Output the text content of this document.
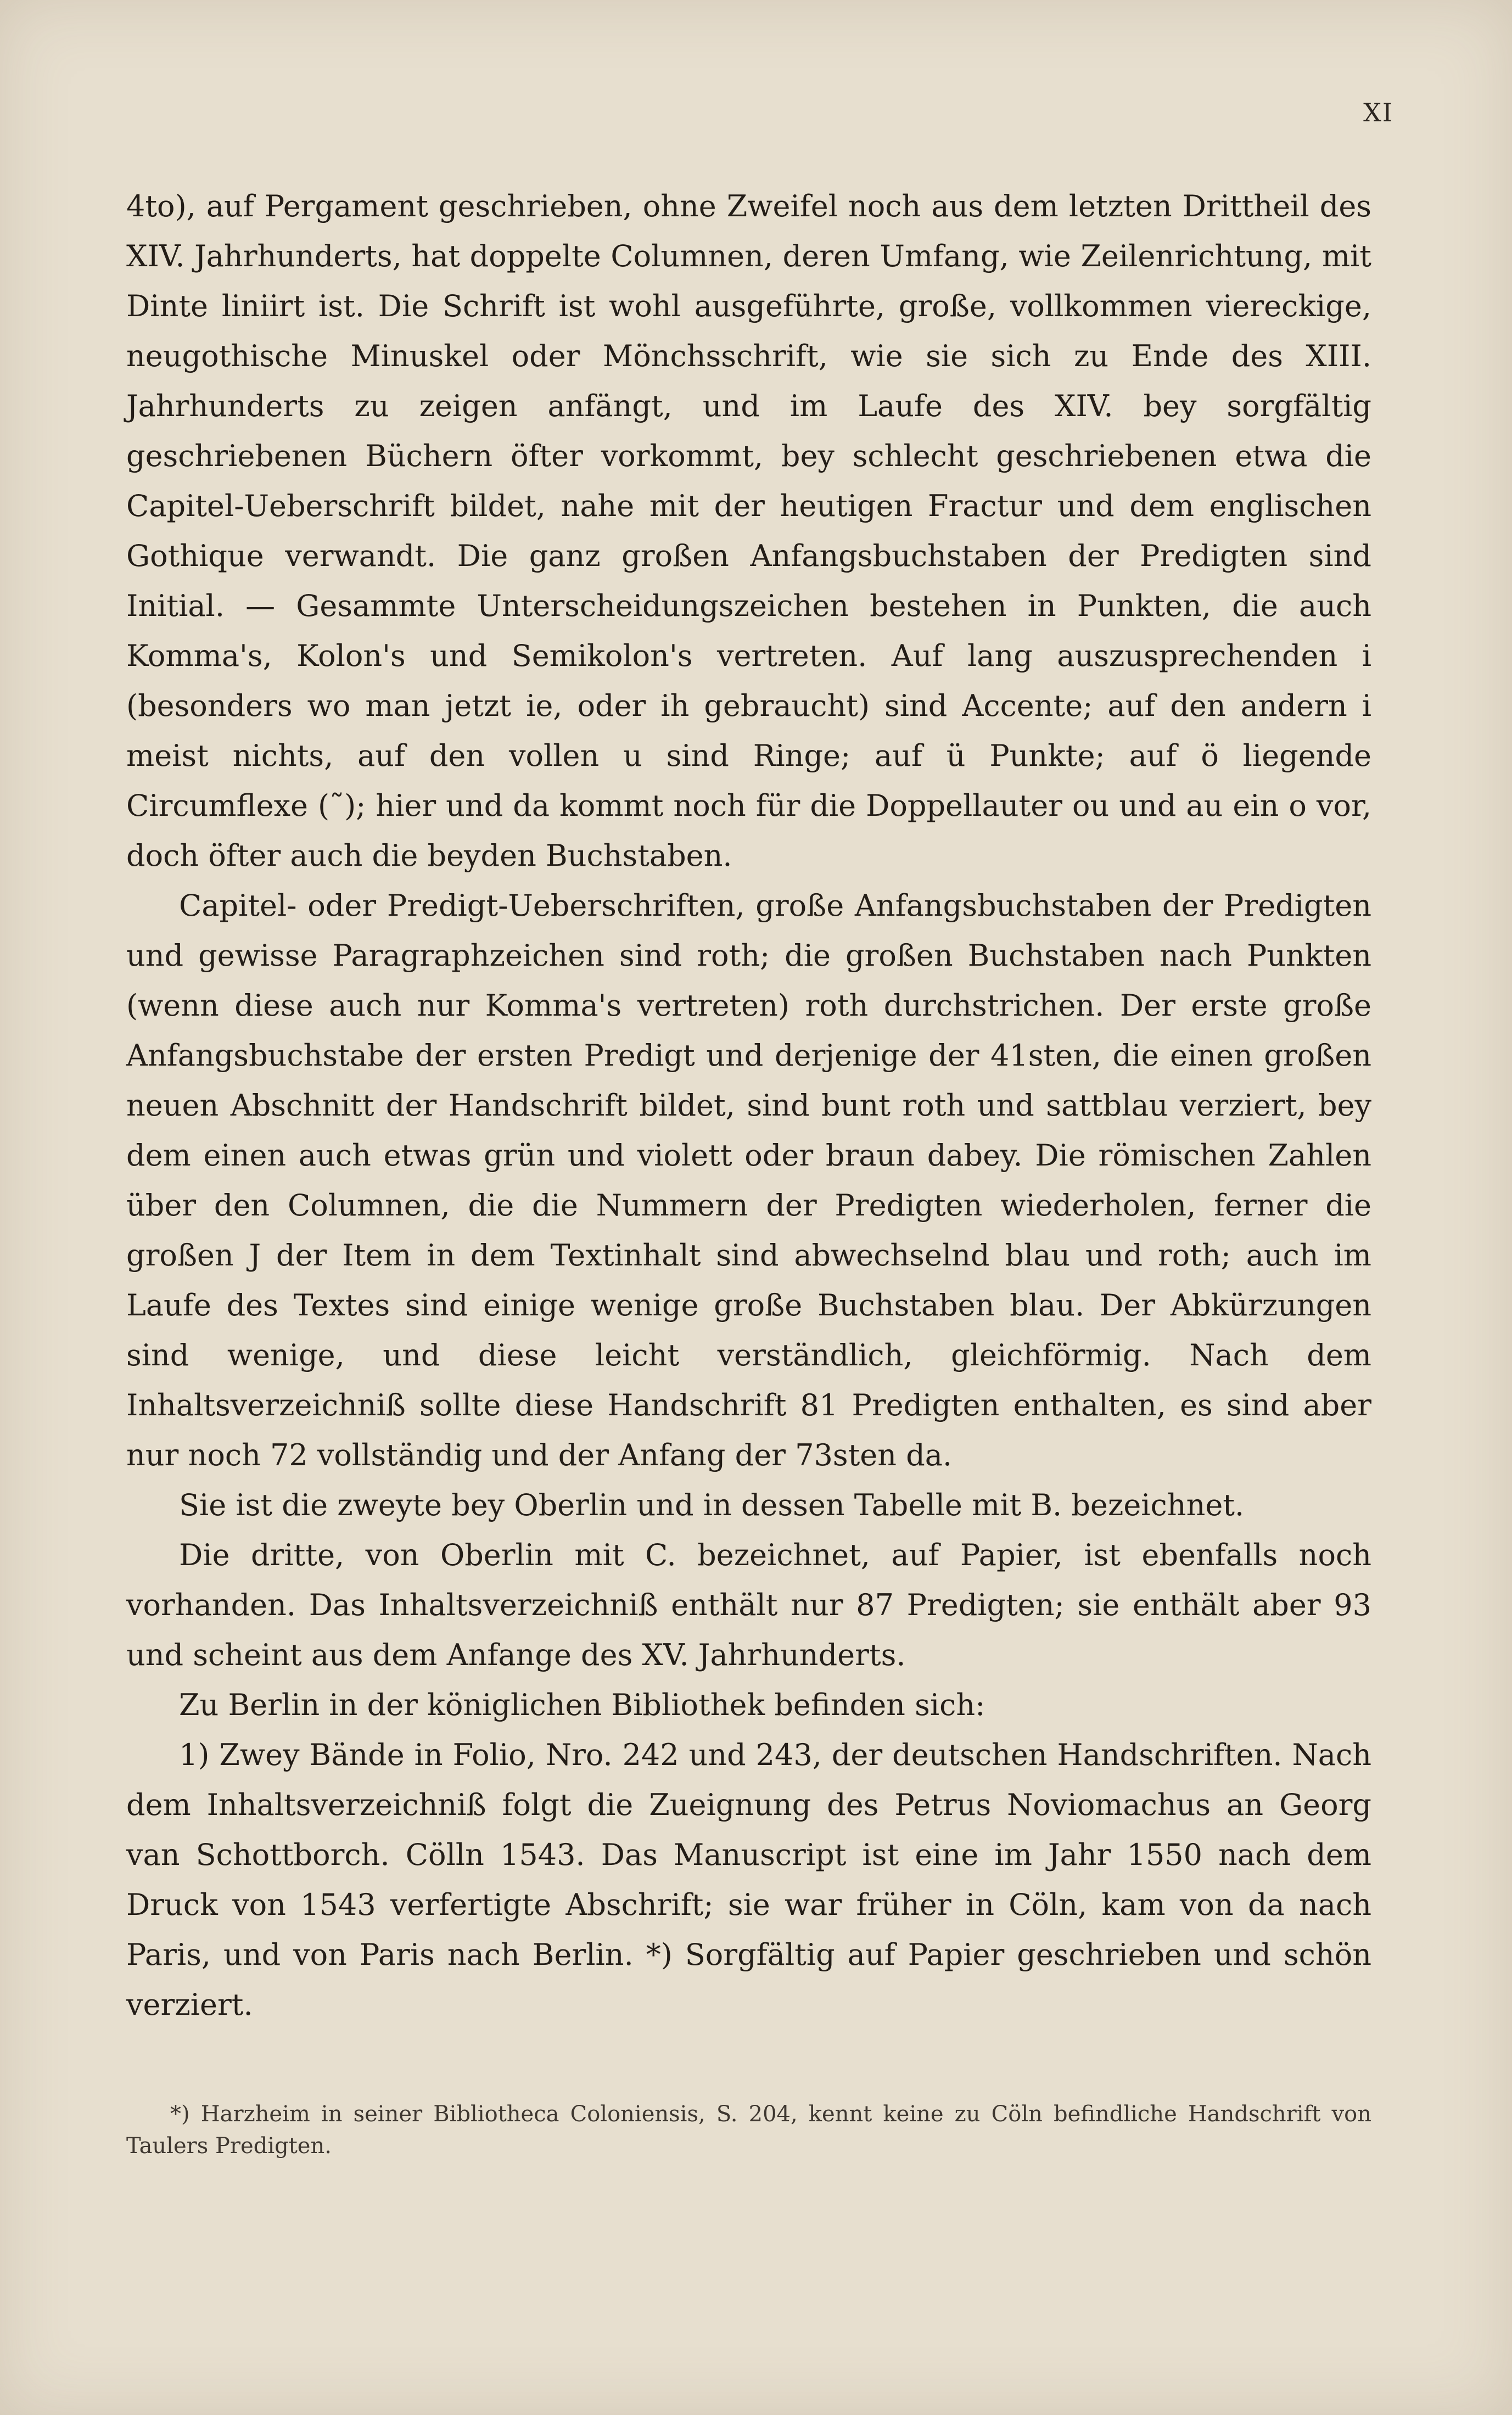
XI

4to), auf Pergament geschrieben, ohne Zweifel noch aus dem letzten Drittheil des XIV. Jahrhunderts, hat doppelte Columnen, deren Umfang, wie Zeilenrichtung, mit Dinte liniirt ist. Die Schrift ist wohl ausgeführte, große, vollkommen viereckige, neugothische Minuskel oder Mönchsschrift, wie sie sich zu Ende des XIII. Jahrhunderts zu zeigen anfängt, und im Laufe des XIV. bey sorgfältig geschriebenen Büchern öfter vorkommt, bey schlecht geschriebenen etwa die Capitel-Ueberschrift bildet, nahe mit der heutigen Fractur und dem englischen Gothique verwandt. Die ganz großen Anfangsbuchstaben der Predigten sind Initial. — Gesammte Unterscheidungszeichen bestehen in Punkten, die auch Komma's, Kolon's und Semikolon's vertreten. Auf lang auszusprechenden i (besonders wo man jetzt ie, oder ih gebraucht) sind Accente; auf den andern i meist nichts, auf den vollen u sind Ringe; auf ü Punkte; auf ö liegende Circumflexe (˜); hier und da kommt noch für die Doppellauter ou und au ein o vor, doch öfter auch die beyden Buchstaben.

Capitel- oder Predigt-Ueberschriften, große Anfangsbuchstaben der Predigten und gewisse Paragraphzeichen sind roth; die großen Buchstaben nach Punkten (wenn diese auch nur Komma's vertreten) roth durchstrichen. Der erste große Anfangsbuchstabe der ersten Predigt und derjenige der 41sten, die einen großen neuen Abschnitt der Handschrift bildet, sind bunt roth und sattblau verziert, bey dem einen auch etwas grün und violett oder braun dabey. Die römischen Zahlen über den Columnen, die die Nummern der Predigten wiederholen, ferner die großen J der Item in dem Textinhalt sind abwechselnd blau und roth; auch im Laufe des Textes sind einige wenige große Buchstaben blau. Der Abkürzungen sind wenige, und diese leicht verständlich, gleichförmig. Nach dem Inhaltsverzeichniß sollte diese Handschrift 81 Predigten enthalten, es sind aber nur noch 72 vollständig und der Anfang der 73sten da.

Sie ist die zweyte bey Oberlin und in dessen Tabelle mit B. bezeichnet.

Die dritte, von Oberlin mit C. bezeichnet, auf Papier, ist ebenfalls noch vorhanden. Das Inhaltsverzeichniß enthält nur 87 Predigten; sie enthält aber 93 und scheint aus dem Anfange des XV. Jahrhunderts.

Zu Berlin in der königlichen Bibliothek befinden sich:

1) Zwey Bände in Folio, Nro. 242 und 243, der deutschen Handschriften. Nach dem Inhaltsverzeichniß folgt die Zueignung des Petrus Noviomachus an Georg van Schottborch. Cölln 1543. Das Manuscript ist eine im Jahr 1550 nach dem Druck von 1543 verfertigte Abschrift; sie war früher in Cöln, kam von da nach Paris, und von Paris nach Berlin. *) Sorgfältig auf Papier geschrieben und schön verziert.

*) Harzheim in seiner Bibliotheca Coloniensis, S. 204, kennt keine zu Cöln befindliche Handschrift von Taulers Predigten.
